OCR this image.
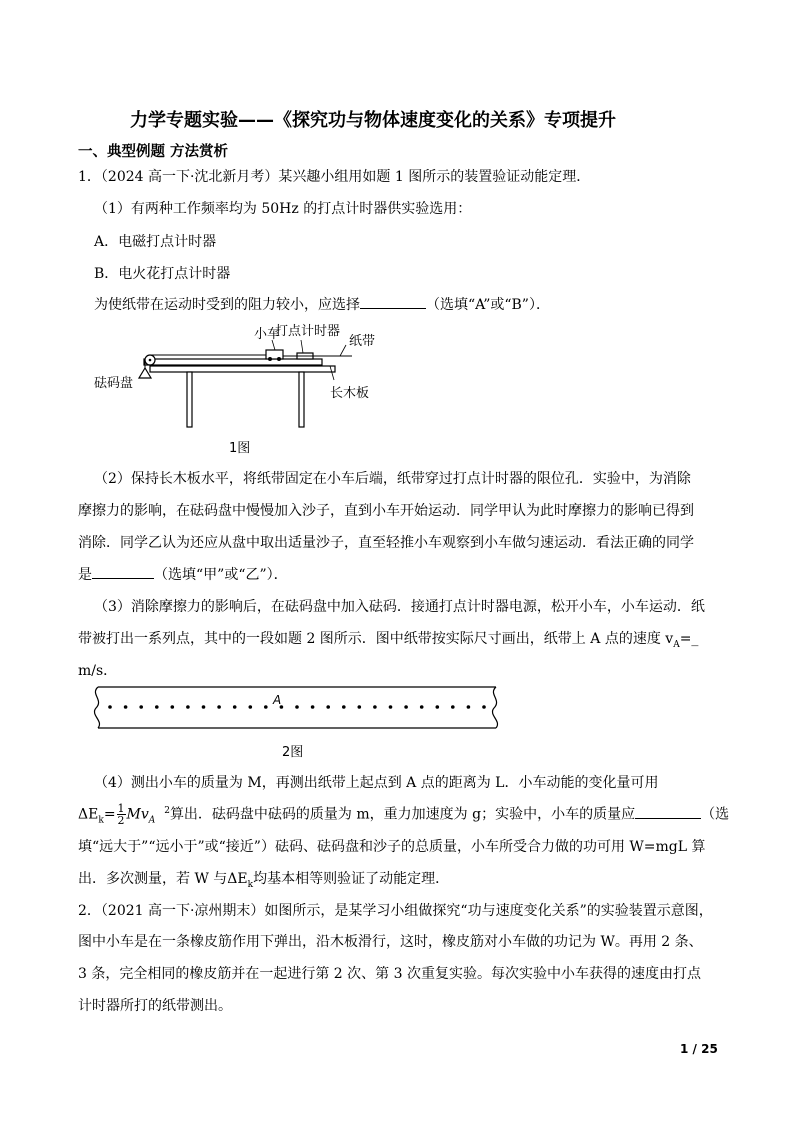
力学专题实验——《探究功与物体速度变化的关系》专项提升
一、典型例题 方法赏析
1．（2024 高一下·沈北新月考）某兴趣小组用如题 1 图所示的装置验证动能定理．
（1）有两种工作频率均为 50Hz 的打点计时器供实验选用：
A．电磁打点计时器
B．电火花打点计时器
为使纸带在运动时受到的阻力较小，应选择	（选填“A”或“B”）．
小车
打点计时器
纸带
砝码盘
长木板
1图
（2）保持长木板水平，将纸带固定在小车后端，纸带穿过打点计时器的限位孔．实验中，为消除
摩擦力的影响，在砝码盘中慢慢加入沙子，直到小车开始运动．同学甲认为此时摩擦力的影响已得到
消除．同学乙认为还应从盘中取出适量沙子，直至轻推小车观察到小车做匀速运动．看法正确的同学
是	（选填“甲”或“乙”）．
（3）消除摩擦力的影响后，在砝码盘中加入砝码．接通打点计时器电源，松开小车，小车运动．纸
带被打出一系列点，其中的一段如题 2 图所示．图中纸带按实际尺寸画出，纸带上 A 点的速度 $v_A=\_$
m/s．
A
2图
（4）测出小车的质量为 M，再测出纸带上起点到 A 点的距离为 L．小车动能的变化量可用
$\Delta E_k= \frac{1}{2} Mv_A$  $^2$算出．砝码盘中砝码的质量为 m，重力加速度为 g；实验中，小车的质量应	（选
填“远大于”“远小于”或“接近”）砝码、砝码盘和沙子的总质量，小车所受合力做的功可用 W=mgL 算
出．多次测量，若 W 与$\Delta E_k$均基本相等则验证了动能定理．
2．（2021 高一下·凉州期末）如图所示，是某学习小组做探究“功与速度变化关系”的实验装置示意图，
图中小车是在一条橡皮筋作用下弹出，沿木板滑行，这时，橡皮筋对小车做的功记为 W。再用 2 条、
3 条，完全相同的橡皮筋并在一起进行第 2 次、第 3 次重复实验。每次实验中小车获得的速度由打点
计时器所打的纸带测出。
1 / 25
